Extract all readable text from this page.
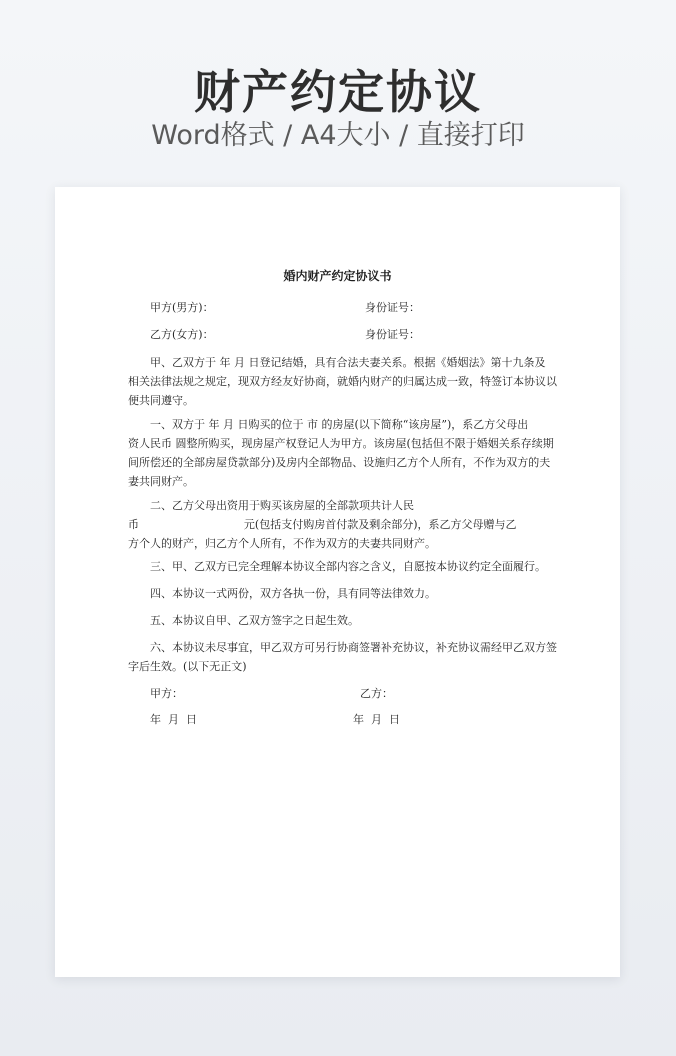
财产约定协议
Word格式 / A4大小 / 直接打印
婚内财产约定协议书
甲方(男方)：	身份证号：
乙方(女方)：	身份证号：
甲、乙双方于 年 月 日登记结婚，具有合法夫妻关系。根据《婚姻法》第十九条及
相关法律法规之规定，现双方经友好协商，就婚内财产的归属达成一致，特签订本协议以
便共同遵守。
一、双方于 年 月 日购买的位于 市 的房屋(以下简称“该房屋”)，系乙方父母出
资人民币 圆整所购买，现房屋产权登记人为甲方。该房屋(包括但不限于婚姻关系存续期
间所偿还的全部房屋贷款部分)及房内全部物品、设施归乙方个人所有，不作为双方的夫
妻共同财产。
二、乙方父母出资用于购买该房屋的全部款项共计人民
币                              元(包括支付购房首付款及剩余部分)，系乙方父母赠与乙
方个人的财产，归乙方个人所有，不作为双方的夫妻共同财产。
三、甲、乙双方已完全理解本协议全部内容之含义，自愿按本协议约定全面履行。
四、本协议一式两份，双方各执一份，具有同等法律效力。
五、本协议自甲、乙双方签字之日起生效。
六、本协议未尽事宜，甲乙双方可另行协商签署补充协议，补充协议需经甲乙双方签
字后生效。(以下无正文)
甲方：	乙方：
年  月  日	年  月  日
